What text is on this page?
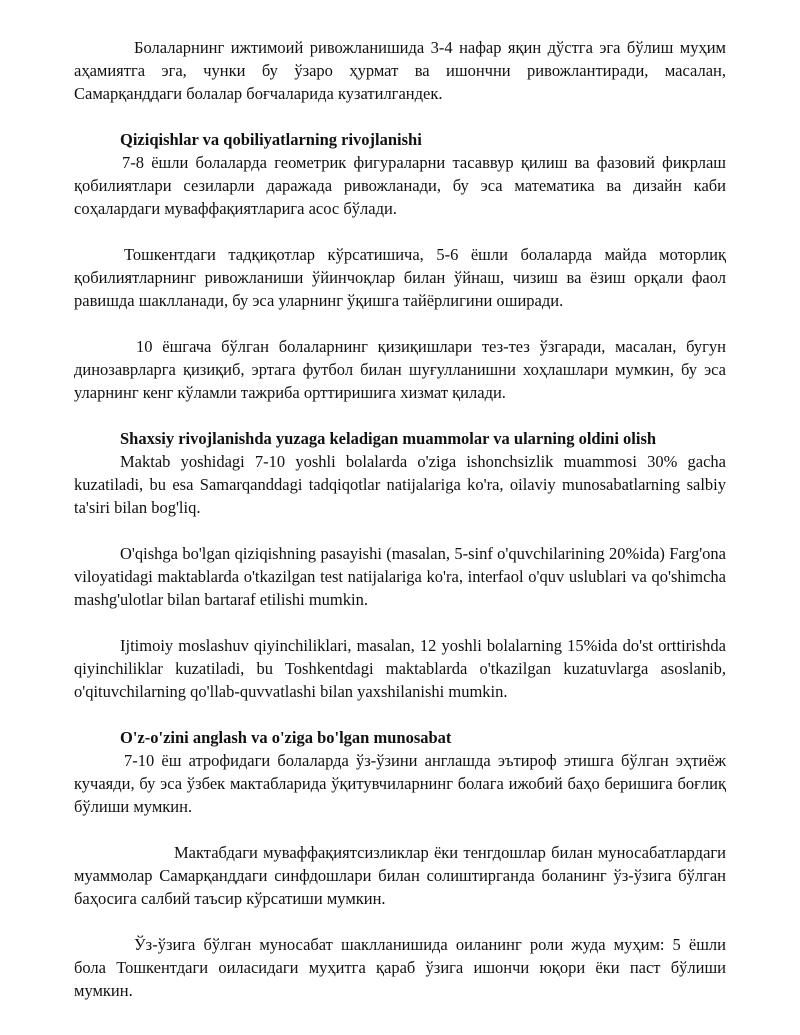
Болаларнинг ижтимоий ривожланишида 3-4 нафар яқин дўстга эга бўлиш муҳим аҳамиятга эга, чунки бу ўзаро ҳурмат ва ишончни ривожлантиради, масалан, Самарқанддаги болалар боғчаларида кузатилгандек.

Qiziqishlar va qobiliyatlarning rivojlanishi

7-8 ёшли болаларда геометрик фигураларни тасаввур қилиш ва фазовий фикрлаш қобилиятлари сезиларли даражада ривожланади, бу эса математика ва дизайн каби соҳалардаги муваффақиятларига асос бўлади.

Тошкентдаги тадқиқотлар кўрсатишича, 5-6 ёшли болаларда майда моторлиқ қобилиятларнинг ривожланиши ўйинчоқлар билан ўйнаш, чизиш ва ёзиш орқали фаол равишда шаклланади, бу эса уларнинг ўқишга тайёрлигини оширади.

10 ёшгача бўлган болаларнинг қизиқишлари тез-тез ўзгаради, масалан, бугун динозаврларга қизиқиб, эртага футбол билан шуғулланишни хоҳлашлари мумкин, бу эса уларнинг кенг кўламли тажриба орттиришига хизмат қилади.

Shaxsiy rivojlanishda yuzaga keladigan muammolar va ularning oldini olish

Maktab yoshidagi 7-10 yoshli bolalarda o'ziga ishonchsizlik muammosi 30% gacha kuzatiladi, bu esa Samarqanddagi tadqiqotlar natijalariga ko'ra, oilaviy munosabatlarning salbiy ta'siri bilan bog'liq.

O'qishga bo'lgan qiziqishning pasayishi (masalan, 5-sinf o'quvchilarining 20%ida) Farg'ona viloyatidagi maktablarda o'tkazilgan test natijalariga ko'ra, interfaol o'quv uslublari va qo'shimcha mashg'ulotlar bilan bartaraf etilishi mumkin.

Ijtimoiy moslashuv qiyinchiliklari, masalan, 12 yoshli bolalarning 15%ida do'st orttirishda qiyinchiliklar kuzatiladi, bu Toshkentdagi maktablarda o'tkazilgan kuzatuvlarga asoslanib, o'qituvchilarning qo'llab-quvvatlashi bilan yaxshilanishi mumkin.

O'z-o'zini anglash va o'ziga bo'lgan munosabat

7-10 ёш атрофидаги болаларда ўз-ўзини англашда эътироф этишга бўлган эҳтиёж кучаяди, бу эса ўзбек мактабларида ўқитувчиларнинг болага ижобий баҳо беришига боғлиқ бўлиши мумкин.

Мактабдаги муваффақиятсизликлар ёки тенгдошлар билан муносабатлардаги муаммолар Самарқанддаги синфдошлари билан солиштирганда боланинг ўз-ўзига бўлган баҳосига салбий таъсир кўрсатиши мумкин.

Ўз-ўзига бўлган муносабат шаклланишида оиланинг роли жуда муҳим: 5 ёшли бола Тошкентдаги оиласидаги муҳитга қараб ўзига ишончи юқори ёки паст бўлиши мумкин.
